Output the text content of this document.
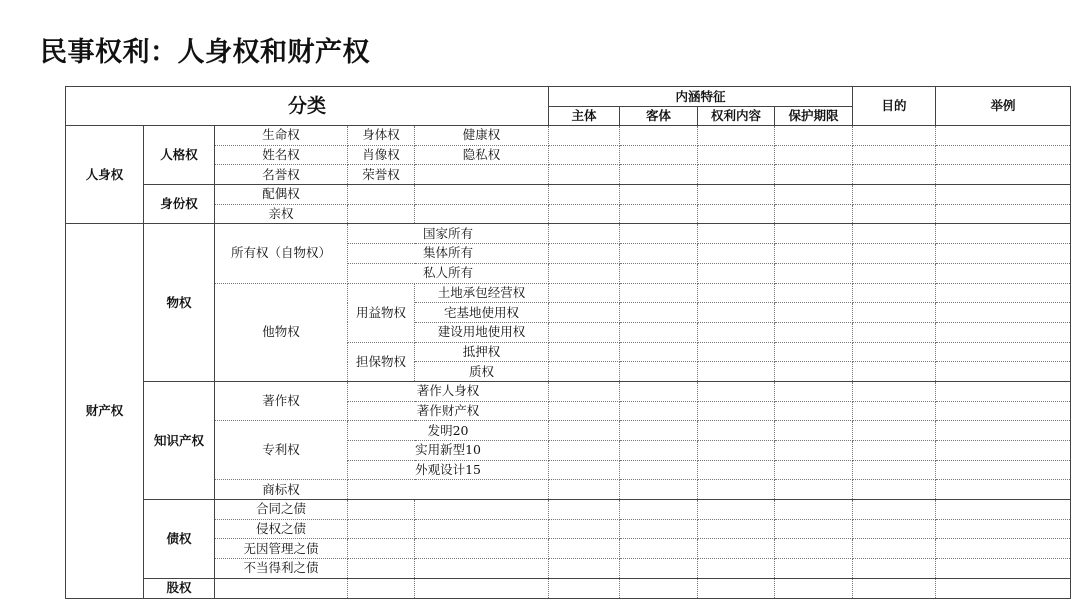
民事权利：人身权和财产权
分类					内涵特征				目的	举例
					主体	客体	权利内容	保护期限		
人身权	人格权	生命权	身体权	健康权						
		姓名权	肖像权	隐私权						
		名誉权	荣誉权							
	身份权	配偶权								
		亲权								
财产权	物权	所有权（自物权）	国家所有							
			集体所有							
			私人所有							
		他物权	用益物权	土地承包经营权						
				宅基地使用权						
				建设用地使用权						
			担保物权	抵押权						
				质权						
	知识产权	著作权	著作人身权							
			著作财产权							
		专利权	发明20							
			实用新型10							
			外观设计15							
		商标权								
	债权	合同之债								
		侵权之债								
		无因管理之债								
		不当得利之债								
	股权									
